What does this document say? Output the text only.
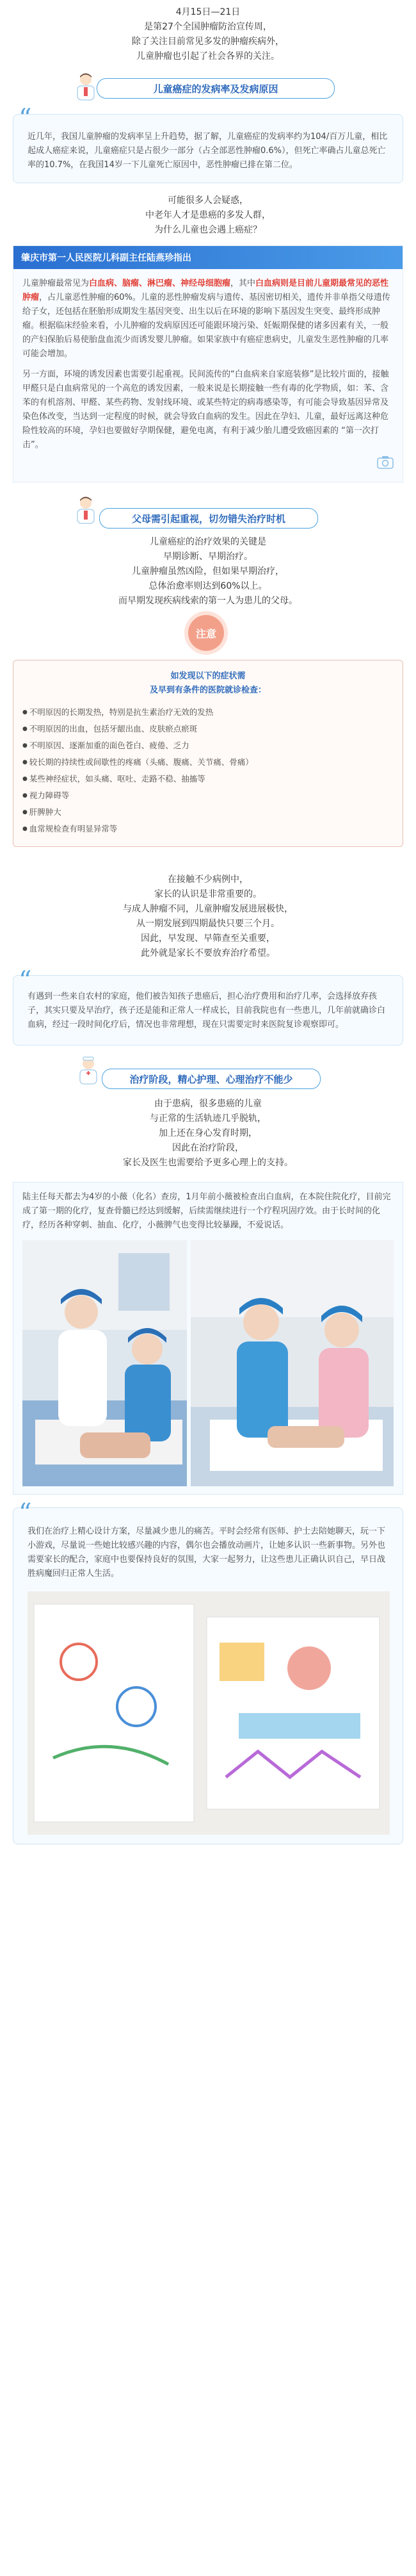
4月15日—21日

是第27个全国肿瘤防治宣传周，

除了关注目前常见多发的肿瘤疾病外，

儿童肿瘤也引起了社会各界的关注。

儿童癌症的发病率及发病原因
“

近几年，我国儿童肿瘤的发病率呈上升趋势，据了解，儿童癌症的发病率约为104/百万儿童，相比起成人癌症来说，儿童癌症只是占很少一部分（占全部恶性肿瘤0.6%），但死亡率确占儿童总死亡率的10.7%，在我国14岁一下儿童死亡原因中，恶性肿瘤已排在第二位。

可能很多人会疑惑，

中老年人才是患癌的多发人群，

为什么儿童也会遇上癌症？

肇庆市第一人民医院儿科副主任陆燕珍指出

儿童肿瘤最常见为白血病、脑瘤、淋巴瘤、神经母细胞瘤，其中白血病则是目前儿童期最常见的恶性肿瘤，占儿童恶性肿瘤的60%。儿童的恶性肿瘤发病与遗传、基因密切相关，遗传并非单指父母遗传给子女，还包括在胚胎形成期发生基因突变、出生以后在环境的影响下基因发生突变、最终形成肿瘤。根据临床经验来看，小儿肿瘤的发病原因还可能跟环境污染、妊娠期保健的诸多因素有关，一般的产妇保胎后易使胎盘血流少而诱发婴儿肿瘤。如果家族中有癌症患病史，儿童发生恶性肿瘤的几率可能会增加。

另一方面，环境的诱发因素也需要引起重视。民间流传的“白血病来自家庭装修”是比较片面的，接触甲醛只是白血病常见的一个高危的诱发因素，一般来说是长期接触一些有毒的化学物质，如：苯、含苯的有机溶剂、甲醛、某些药物、发射线环境、或某些特定的病毒感染等，有可能会导致基因异常及染色体改变，当达到一定程度的时候，就会导致白血病的发生。因此在孕妇、儿童，最好远离这种危险性较高的环境，孕妇也要做好孕期保健，避免电离，有利于减少胎儿遭受致癌因素的 “第一次打击”。

父母需引起重视，切勿错失治疗时机

儿童癌症的治疗效果的关键是

早期诊断、早期治疗。

儿童肿瘤虽然凶险，但如果早期治疗，

总体治愈率则达到60%以上。

而早期发现疾病线索的第一人为患儿的父母。

注意
如发现以下的症状需
及早到有条件的医院就诊检查：
● 不明原因的长期发热，特别是抗生素治疗无效的发热
● 不明原因的出血，包括牙龈出血、皮肤瘀点瘀斑
● 不明原因、逐渐加重的面色苍白、疲倦、乏力
● 较长期的持续性或间歇性的疼痛（头痛、腹痛、关节痛、骨痛）
● 某些神经症状，如头痛、呕吐、走路不稳、抽搐等
● 视力障碍等
● 肝脾肿大
● 血常规检查有明显异常等

在接触不少病例中，

家长的认识是非常重要的。

与成人肿瘤不同，儿童肿瘤发展进展极快，

从一期发展到四期最快只要三个月。

因此，早发现、早筛查至关重要，

此外就是家长不要放弃治疗希望。

“

有遇到一些来自农村的家庭，他们被告知孩子患癌后，担心治疗费用和治疗几率，会选择放弃孩子，其实只要及早治疗，孩子还是能和正常人一样成长，目前我院也有一些患儿，几年前就确诊白血病，经过一段时间化疗后，情况也非常理想，现在只需要定时来医院复诊观察即可。

治疗阶段，精心护理、心理治疗不能少

由于患病，很多患癌的儿童

与正常的生活轨迹几乎脱轨，

加上还在身心发育时期，

因此在治疗阶段，

家长及医生也需要给予更多心理上的支持。

陆主任每天都去为4岁的小薇（化名）查房，1月年前小薇被检查出白血病，在本院住院化疗，目前完成了第一期的化疗，复查骨髓已经达到缓解，后续需继续进行一个疗程巩固疗效。由于长时间的化疗，经历各种穿刺、抽血、化疗，小薇脾气也变得比较暴躁，不爱说话。

“

我们在治疗上精心设计方案，尽量减少患儿的痛苦。平时会经常有医师、护士去陪她聊天，玩一下小游戏，尽量说一些她比较感兴趣的内容，偶尔也会播放动画片，让她多认识一些新事物。另外也需要家长的配合，家庭中也要保持良好的氛围，大家一起努力，让这些患儿正确认识自己，早日战胜病魔回归正常人生活。
